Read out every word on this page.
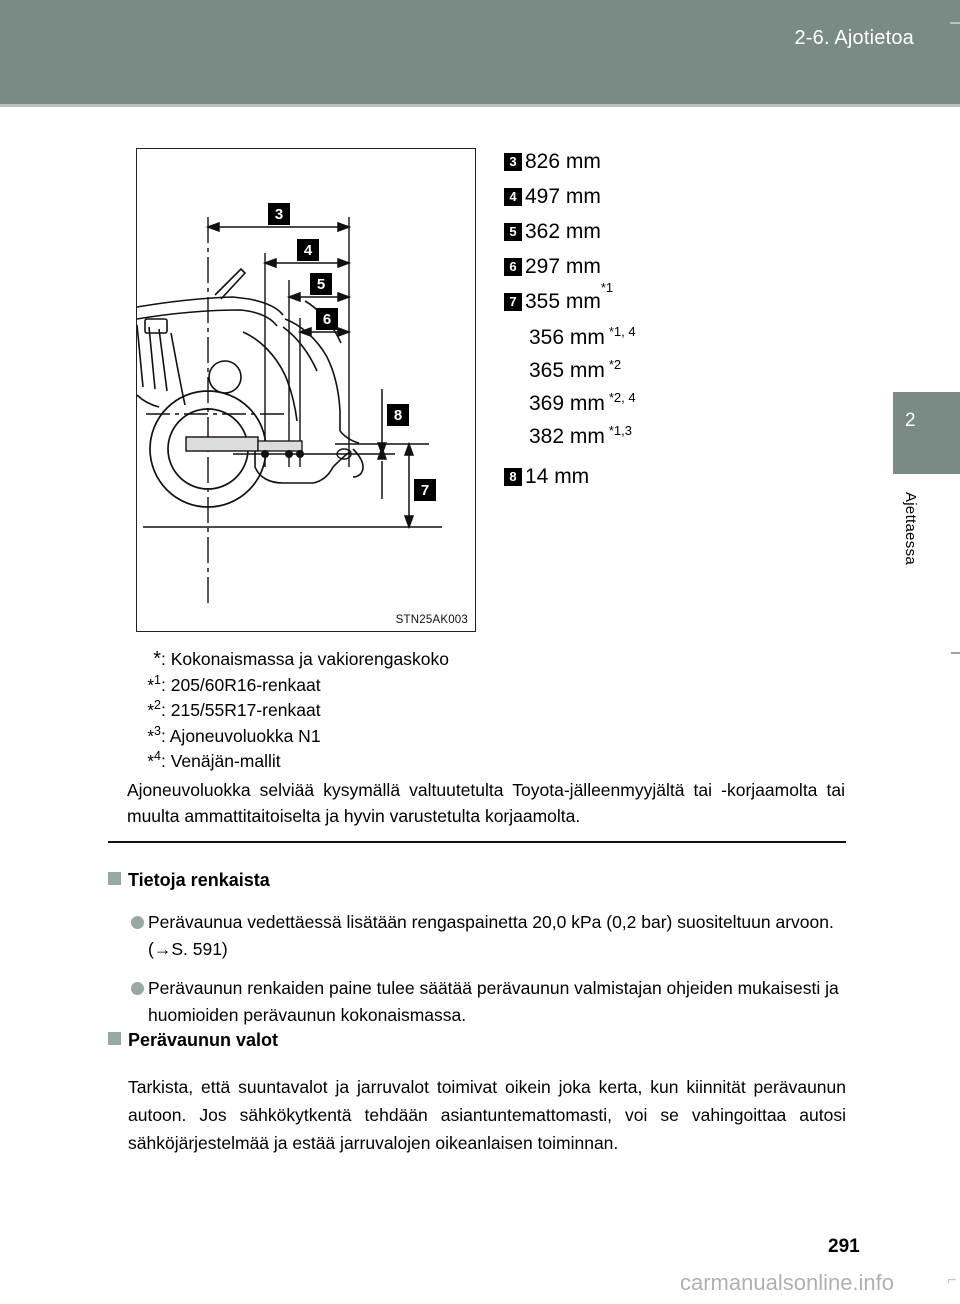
2-6. Ajotietoa
2
Ajettaessa
3
4
5
6
8
7
STN25AK003
3 826 mm
4 497 mm
5 362 mm
6 297 mm
7 355 mm
*1
356 mm $^{*1, 4}$
365 mm $^{*2}$
369 mm $^{*2, 4}$
382 mm $^{*1,3}$
8 14 mm
*: Kokonaismassa ja vakiorengaskoko
*$^1$: 205/60R16-renkaat
*$^2$: 215/55R17-renkaat
*$^3$: Ajoneuvoluokka N1
*$^4$: Venäjän-mallit
Ajoneuvoluokka selviää kysymällä valtuutetulta Toyota-jälleenmyyjältä tai -korjaamolta tai muulta ammattitaitoiselta ja hyvin varustetulta korjaamolta.
Tietoja renkaista
Perävaunua vedettäessä lisätään rengaspainetta 20,0 kPa (0,2 bar) suositeltuun arvoon. (→S. 591)
Perävaunun renkaiden paine tulee säätää perävaunun valmistajan ohjeiden mukaisesti ja huomioiden perävaunun kokonaismassa.
Perävaunun valot
Tarkista, että suuntavalot ja jarruvalot toimivat oikein joka kerta, kun kiinnität perävaunun autoon. Jos sähkökytkentä tehdään asiantuntemattomasti, voi se vahingoittaa autosi sähköjärjestelmää ja estää jarruvalojen oikeanlaisen toiminnan.
291
carmanualsonline.info	⌐
